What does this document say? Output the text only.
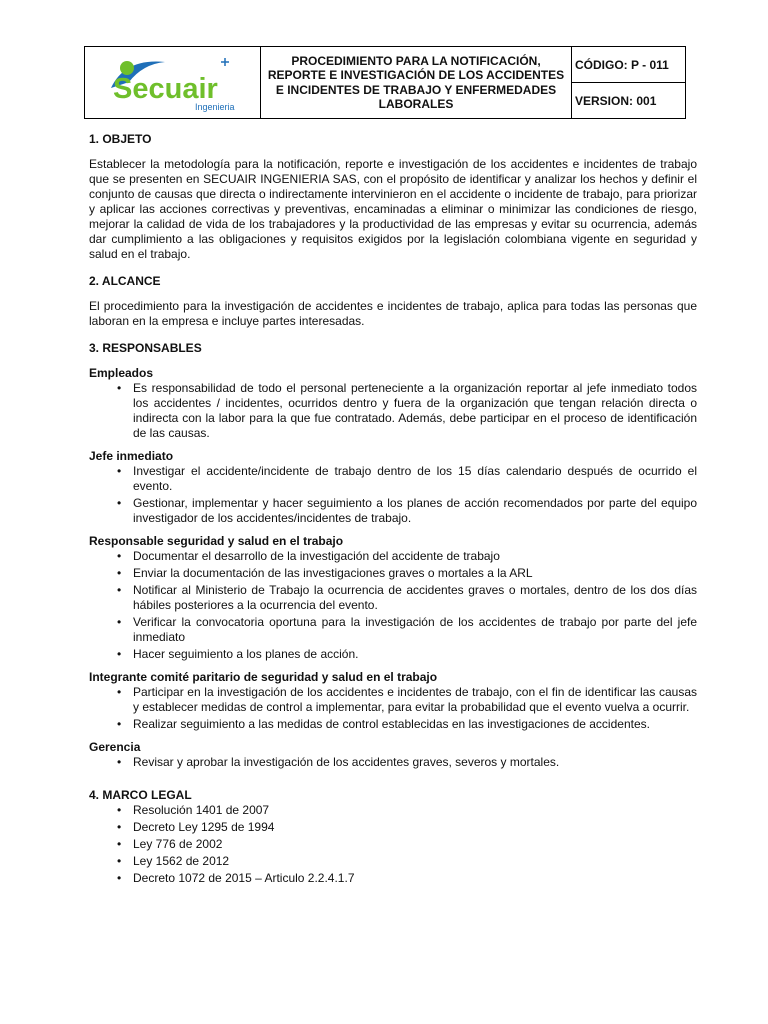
Secuair
Ingenieria
	PROCEDIMIENTO PARA LA NOTIFICACIÓN, REPORTE E INVESTIGACIÓN DE LOS ACCIDENTES E INCIDENTES DE TRABAJO Y ENFERMEDADES LABORALES	CÓDIGO: P - 011
VERSION: 001

1. OBJETO

Establecer la metodología para la notificación, reporte e investigación de los accidentes e incidentes de trabajo que se presenten en SECUAIR INGENIERIA SAS, con el propósito de identificar y analizar los hechos y definir el conjunto de causas que directa o indirectamente intervinieron en el accidente o incidente de trabajo, para priorizar y aplicar las acciones correctivas y preventivas, encaminadas a eliminar o minimizar las condiciones de riesgo, mejorar la calidad de vida de los trabajadores y la productividad de las empresas y evitar su ocurrencia, además dar cumplimiento a las obligaciones y requisitos exigidos por la legislación colombiana vigente en seguridad y salud en el trabajo.

2. ALCANCE

El procedimiento para la investigación de accidentes e incidentes de trabajo, aplica para todas las personas que laboran en la empresa e incluye partes interesadas.

3. RESPONSABLES

Empleados

• Es responsabilidad de todo el personal perteneciente a la organización reportar al jefe inmediato todos los accidentes / incidentes, ocurridos dentro y fuera de la organización que tengan relación directa o indirecta con la labor para la que fue contratado. Además, debe participar en el proceso de identificación de las causas.

Jefe inmediato

• Investigar el accidente/incidente de trabajo dentro de los 15 días calendario después de ocurrido el evento.
• Gestionar, implementar y hacer seguimiento a los planes de acción recomendados por parte del equipo investigador de los accidentes/incidentes de trabajo.

Responsable seguridad y salud en el trabajo

• Documentar el desarrollo de la investigación del accidente de trabajo
• Enviar la documentación de las investigaciones graves o mortales a la ARL
• Notificar al Ministerio de Trabajo la ocurrencia de accidentes graves o mortales, dentro de los dos días hábiles posteriores a la ocurrencia del evento.
• Verificar la convocatoria oportuna para la investigación de los accidentes de trabajo por parte del jefe inmediato
• Hacer seguimiento a los planes de acción.

Integrante comité paritario de seguridad y salud en el trabajo

• Participar en la investigación de los accidentes e incidentes de trabajo, con el fin de identificar las causas y establecer medidas de control a implementar, para evitar la probabilidad que el evento vuelva a ocurrir.
• Realizar seguimiento a las medidas de control establecidas en las investigaciones de accidentes.

Gerencia

• Revisar y aprobar la investigación de los accidentes graves, severos y mortales.

4. MARCO LEGAL

• Resolución 1401 de 2007
• Decreto Ley 1295 de 1994
• Ley 776 de 2002
• Ley 1562 de 2012
• Decreto 1072 de 2015 – Articulo 2.2.4.1.7
